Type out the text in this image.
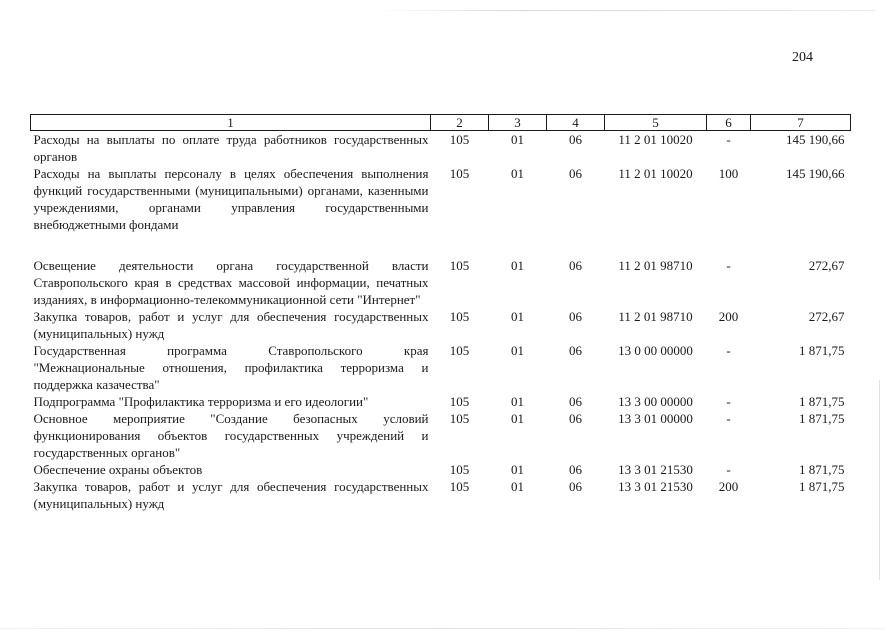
204
1	2	3	4	5	6	7
Расходы на выплаты по оплате труда работников государственных органов	105	01	06	11 2 01 10020	-	145 190,66
Расходы на выплаты персоналу в целях обеспечения выполнения функций государственными (муниципальными) органами, казенными учреждениями, органами управления государственными внебюджетными фондами	105	01	06	11 2 01 10020	100	145 190,66
Освещение деятельности органа государственной власти Ставропольского края в средствах массовой информации, печатных изданиях, в информационно-телекоммуникационной сети "Интернет"	105	01	06	11 2 01 98710	-	272,67
Закупка товаров, работ и услуг для обеспечения государственных (муниципальных) нужд	105	01	06	11 2 01 98710	200	272,67
Государственная программа Ставропольского края "Межнациональные отношения, профилактика терроризма и поддержка казачества"	105	01	06	13 0 00 00000	-	1 871,75
Подпрограмма "Профилактика терроризма и его идеологии"	105	01	06	13 3 00 00000	-	1 871,75
Основное мероприятие "Создание безопасных условий функционирования объектов государственных учреждений и государственных органов"	105	01	06	13 3 01 00000	-	1 871,75
Обеспечение охраны объектов	105	01	06	13 3 01 21530	-	1 871,75
Закупка товаров, работ и услуг для обеспечения государственных (муниципальных) нужд	105	01	06	13 3 01 21530	200	1 871,75
